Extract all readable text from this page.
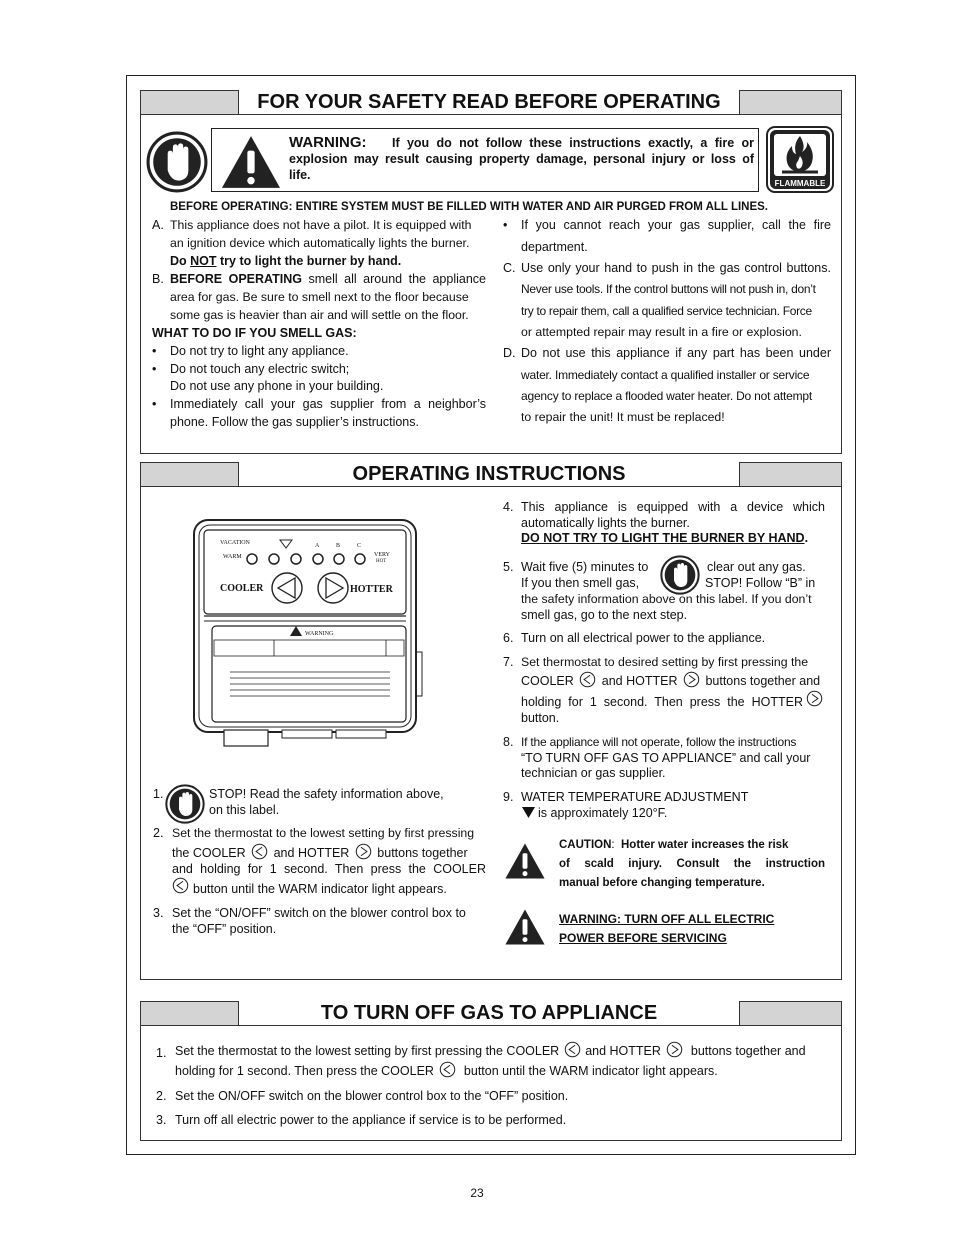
FOR YOUR SAFETY READ BEFORE OPERATING
WARNING: If you do not follow these instructions exactly, a fire or
explosion may result causing property damage, personal injury or loss of
life.
FLAMMABLE
BEFORE OPERATING: ENTIRE SYSTEM MUST BE FILLED WITH WATER AND AIR PURGED FROM ALL LINES.
A. This appliance does not have a pilot. It is equipped with
an ignition device which automatically lights the burner.
Do NOT try to light the burner by hand.
B. BEFORE OPERATING smell all around the appliance
area for gas. Be sure to smell next to the floor because
some gas is heavier than air and will settle on the floor.
WHAT TO DO IF YOU SMELL GAS:
• Do not try to light any appliance.
• Do not touch any electric switch;
Do not use any phone in your building.
• Immediately call your gas supplier from a neighbor’s
phone. Follow the gas supplier’s instructions.
• If you cannot reach your gas supplier, call the fire
department.
C. Use only your hand to push in the gas control buttons.
Never use tools. If the control buttons will not push in, don’t
try to repair them, call a qualified service technician. Force
or attempted repair may result in a fire or explosion.
D. Do not use this appliance if any part has been under
water. Immediately contact a qualified installer or service
agency to replace a flooded water heater. Do not attempt
to repair the unit! It must be replaced!
OPERATING INSTRUCTIONS
VACATION
WARM
A	B	C
VERY
HOT
COOLER	HOTTER
WARNING
1.	STOP! Read the safety information above,
on this label.
2. Set the thermostat to the lowest setting by first pressing
the COOLER and HOTTER buttons together
and holding for 1 second. Then press the COOLER
button until the WARM indicator light appears.
3. Set the “ON/OFF” switch on the blower control box to
the “OFF” position.
4. This appliance is equipped with a device which
automatically lights the burner.
DO NOT TRY TO LIGHT THE BURNER BY HAND.
5. Wait five (5) minutes to	clear out any gas.
If you then smell gas,	STOP! Follow “B” in
the safety information above on this label. If you don’t
smell gas, go to the next step.
6. Turn on all electrical power to the appliance.
7. Set thermostat to desired setting by first pressing the
COOLER and HOTTER buttons together and
holding for 1 second. Then press the HOTTER
button.
8. If the appliance will not operate, follow the instructions
“TO TURN OFF GAS TO APPLIANCE” and call your
technician or gas supplier.
9. WATER TEMPERATURE ADJUSTMENT
is approximately 120°F.
CAUTION: Hotter water increases the risk
of scald injury. Consult the instruction
manual before changing temperature.
WARNING: TURN OFF ALL ELECTRIC
POWER BEFORE SERVICING
TO TURN OFF GAS TO APPLIANCE
1. Set the thermostat to the lowest setting by first pressing the COOLER and HOTTER buttons together and
holding for 1 second. Then press the COOLER button until the WARM indicator light appears.
2. Set the ON/OFF switch on the blower control box to the “OFF” position.
3. Turn off all electric power to the appliance if service is to be performed.
23
